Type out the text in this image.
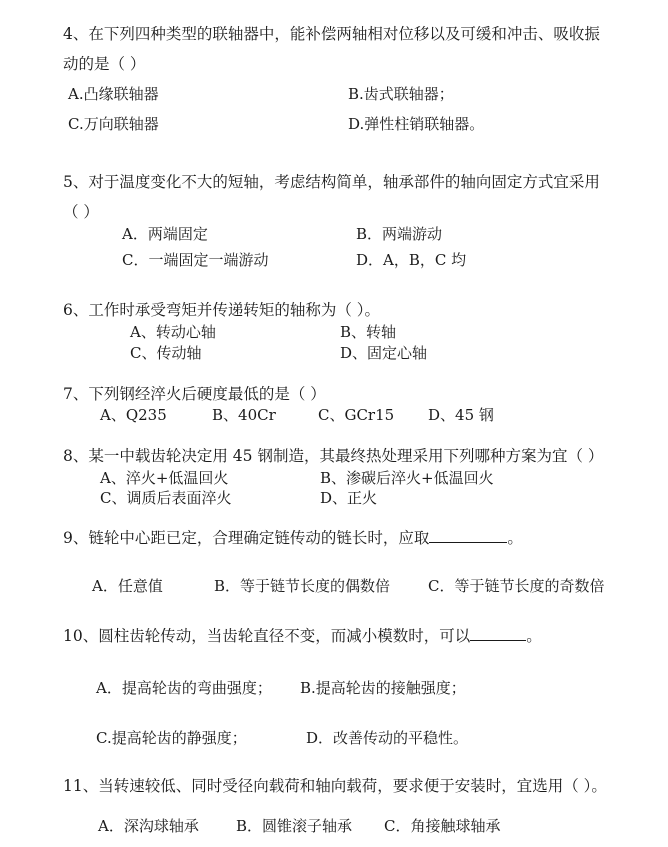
4、在下列四种类型的联轴器中，能补偿两轴相对位移以及可缓和冲击、吸收振
动的是（ ）
A.凸缘联轴器	B.齿式联轴器；
C.万向联轴器	D.弹性柱销联轴器。
5、对于温度变化不大的短轴，考虑结构简单，轴承部件的轴向固定方式宜采用
（ ）
A．两端固定	B．两端游动
C．一端固定一端游动	D．A，B，C 均
6、工作时承受弯矩并传递转矩的轴称为（ ）。
A、转动心轴	B、转轴
C、传动轴	D、固定心轴
7、下列钢经淬火后硬度最低的是（ ）
A、Q235	B、40Cr	C、GCr15 D、45 钢
8、某一中载齿轮决定用 45 钢制造，其最终热处理采用下列哪种方案为宜（ ）
A、淬火+低温回火	B、渗碳后淬火+低温回火
C、调质后表面淬火	D、正火
9、链轮中心距已定，合理确定链传动的链长时，应取	。
A．任意值	B．等于链节长度的偶数倍	C．等于链节长度的奇数倍
10、圆柱齿轮传动，当齿轮直径不变，而减小模数时，可以	。
A．提高轮齿的弯曲强度； B.提高轮齿的接触强度；
C.提高轮齿的静强度；	D．改善传动的平稳性。
11、当转速较低、同时受径向载荷和轴向载荷，要求便于安装时，宜选用（ ）。
A．深沟球轴承 B．圆锥滚子轴承 C．角接触球轴承
